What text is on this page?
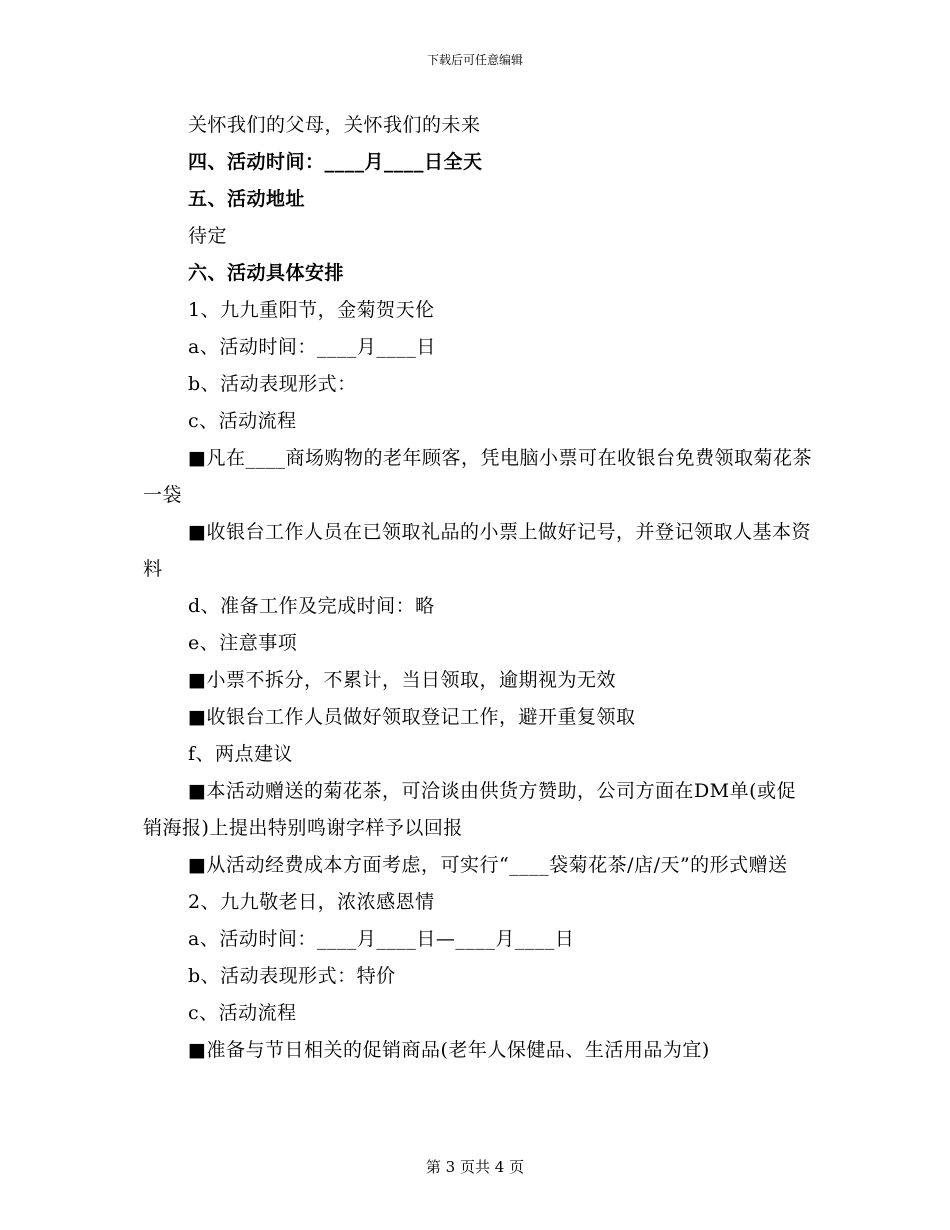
下载后可任意编辑

关怀我们的父母，关怀我们的未来

四、活动时间：____月____日全天

五、活动地址

待定

六、活动具体安排

1、九九重阳节，金菊贺天伦

a、活动时间：____月____日

b、活动表现形式：

c、活动流程

■凡在____商场购物的老年顾客，凭电脑小票可在收银台免费领取菊花茶一袋

■收银台工作人员在已领取礼品的小票上做好记号，并登记领取人基本资料

d、准备工作及完成时间：略

e、注意事项

■小票不拆分，不累计，当日领取，逾期视为无效

■收银台工作人员做好领取登记工作，避开重复领取

f、两点建议

■本活动赠送的菊花茶，可洽谈由供货方赞助，公司方面在DM单(或促销海报)上提出特别鸣谢字样予以回报

■从活动经费成本方面考虑，可实行“____袋菊花茶/店/天”的形式赠送

2、九九敬老日，浓浓感恩情

a、活动时间：____月____日—____月____日

b、活动表现形式：特价

c、活动流程

■准备与节日相关的促销商品(老年人保健品、生活用品为宜)

第 3 页共 4 页
